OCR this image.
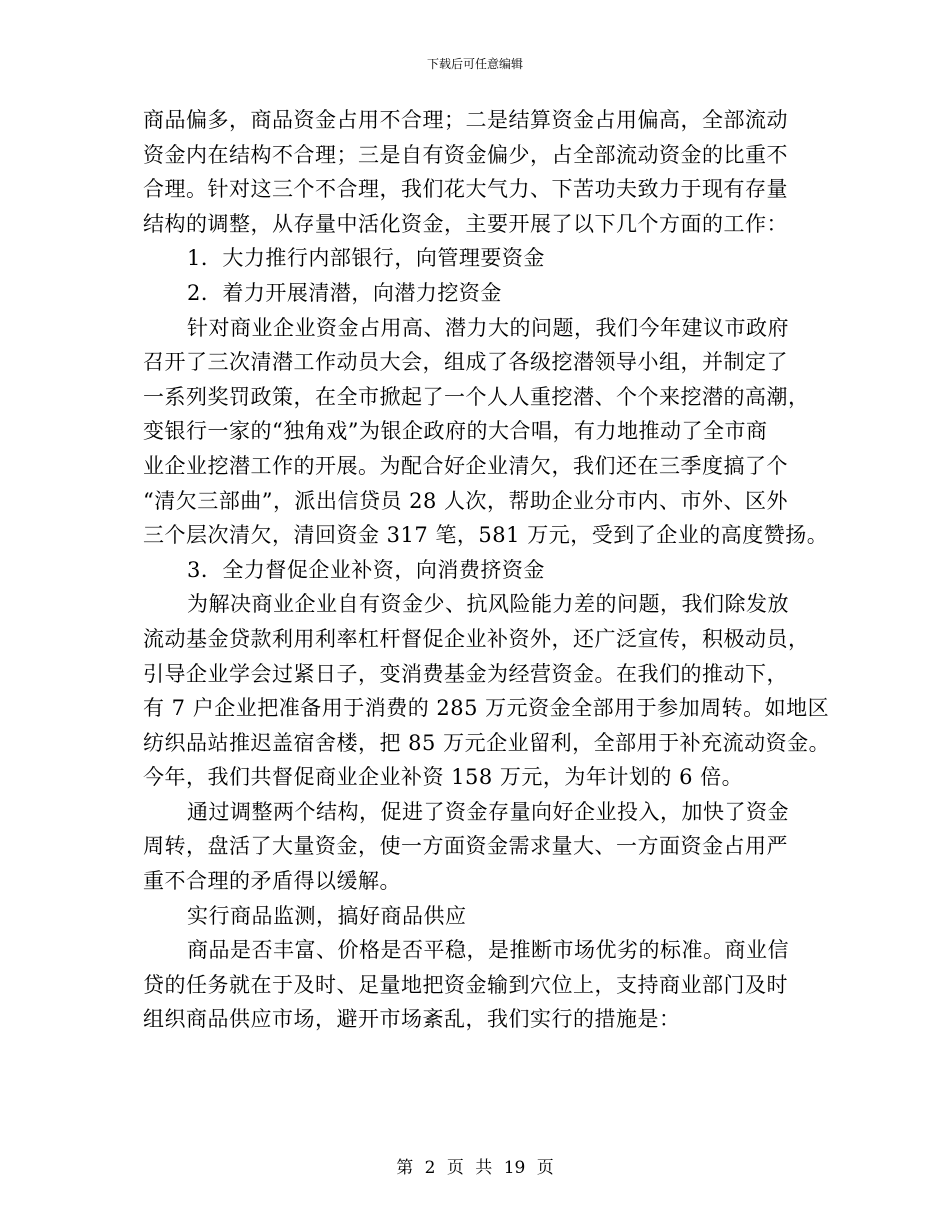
下载后可任意编辑
商品偏多，商品资金占用不合理；二是结算资金占用偏高，全部流动
资金内在结构不合理；三是自有资金偏少，占全部流动资金的比重不
合理。针对这三个不合理，我们花大气力、下苦功夫致力于现有存量
结构的调整，从存量中活化资金，主要开展了以下几个方面的工作：
1．大力推行内部银行，向管理要资金
2．着力开展清潜，向潜力挖资金
针对商业企业资金占用高、潜力大的问题，我们今年建议市政府
召开了三次清潜工作动员大会，组成了各级挖潜领导小组，并制定了
一系列奖罚政策，在全市掀起了一个人人重挖潜、个个来挖潜的高潮，
变银行一家的“独角戏”为银企政府的大合唱，有力地推动了全市商
业企业挖潜工作的开展。为配合好企业清欠，我们还在三季度搞了个
“清欠三部曲”，派出信贷员 28 人次，帮助企业分市内、市外、区外
三个层次清欠，清回资金 317 笔，581 万元，受到了企业的高度赞扬。
3．全力督促企业补资，向消费挤资金
为解决商业企业自有资金少、抗风险能力差的问题，我们除发放
流动基金贷款利用利率杠杆督促企业补资外，还广泛宣传，积极动员，
引导企业学会过紧日子，变消费基金为经营资金。在我们的推动下，
有 7 户企业把准备用于消费的 285 万元资金全部用于参加周转。如地区
纺织品站推迟盖宿舍楼，把 85 万元企业留利，全部用于补充流动资金。
今年，我们共督促商业企业补资 158 万元，为年计划的 6 倍。
通过调整两个结构，促进了资金存量向好企业投入，加快了资金
周转，盘活了大量资金，使一方面资金需求量大、一方面资金占用严
重不合理的矛盾得以缓解。
实行商品监测，搞好商品供应
商品是否丰富、价格是否平稳，是推断市场优劣的标准。商业信
贷的任务就在于及时、足量地把资金输到穴位上，支持商业部门及时
组织商品供应市场，避开市场紊乱，我们实行的措施是：
第 2 页 共 19 页
